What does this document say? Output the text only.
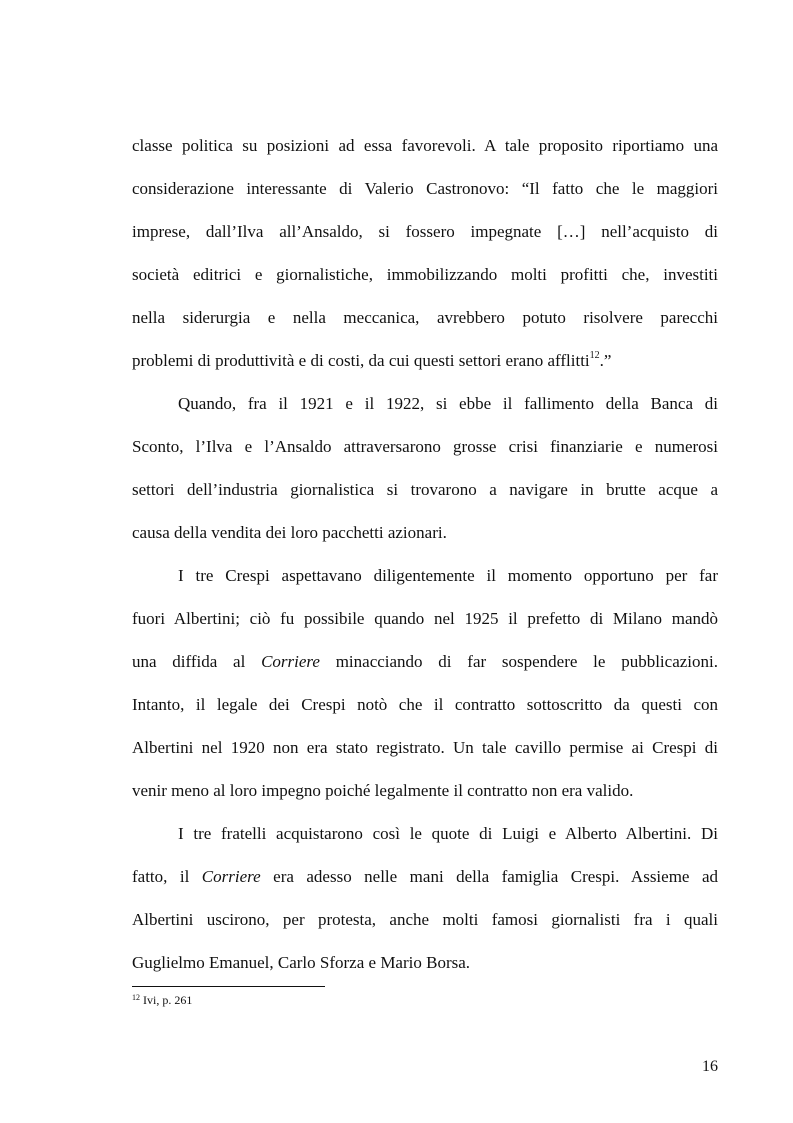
classe politica su posizioni ad essa favorevoli. A tale proposito riportiamo una
considerazione interessante di Valerio Castronovo: “Il fatto che le maggiori
imprese, dall’Ilva all’Ansaldo, si fossero impegnate […] nell’acquisto di
società editrici e giornalistiche, immobilizzando molti profitti che, investiti
nella siderurgia e nella meccanica, avrebbero potuto risolvere parecchi
problemi di produttività e di costi, da cui questi settori erano afflitti$^{12}$.”
Quando, fra il 1921 e il 1922, si ebbe il fallimento della Banca di
Sconto, l’Ilva e l’Ansaldo attraversarono grosse crisi finanziarie e numerosi
settori dell’industria giornalistica si trovarono a navigare in brutte acque a
causa della vendita dei loro pacchetti azionari.
I tre Crespi aspettavano diligentemente il momento opportuno per far
fuori Albertini; ciò fu possibile quando nel 1925 il prefetto di Milano mandò
una diffida al Corriere minacciando di far sospendere le pubblicazioni.
Intanto, il legale dei Crespi notò che il contratto sottoscritto da questi con
Albertini nel 1920 non era stato registrato. Un tale cavillo permise ai Crespi di
venir meno al loro impegno poiché legalmente il contratto non era valido.
I tre fratelli acquistarono così le quote di Luigi e Alberto Albertini. Di
fatto, il Corriere era adesso nelle mani della famiglia Crespi. Assieme ad
Albertini uscirono, per protesta, anche molti famosi giornalisti fra i quali
Guglielmo Emanuel, Carlo Sforza e Mario Borsa.
$^{12}$ Ivi, p. 261
16
